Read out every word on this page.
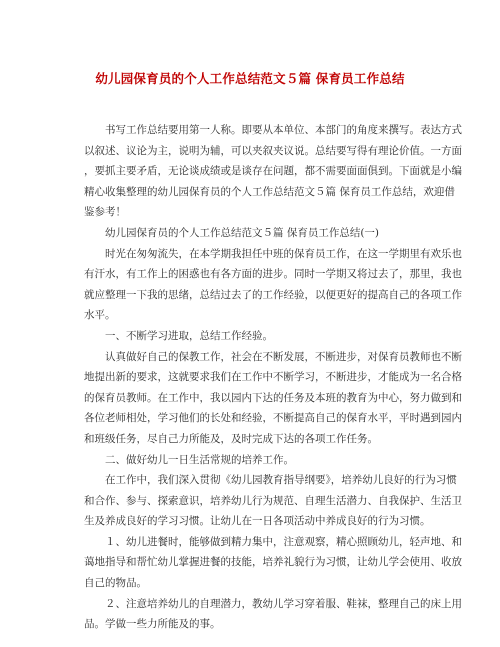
幼儿园保育员的个人工作总结范文５篇 保育员工作总结
书写工作总结要用第一人称。即要从本单位、本部门的角度来撰写。表达方式
以叙述、议论为主，说明为辅，可以夹叙夹议说。总结要写得有理论价值。一方面
，要抓主要矛盾，无论谈成绩或是谈存在问题，都不需要面面俱到。下面就是小编
精心收集整理的幼儿园保育员的个人工作总结范文５篇 保育员工作总结，欢迎借
鉴参考！
幼儿园保育员的个人工作总结范文５篇 保育员工作总结(一)
时光在匆匆流失，在本学期我担任中班的保育员工作，在这一学期里有欢乐也
有汗水，有工作上的困惑也有各方面的进步。同时一学期又将过去了，那里，我也
就应整理一下我的思绪，总结过去了的工作经验，以便更好的提高自己的各项工作
水平。
一、不断学习进取，总结工作经验。
认真做好自己的保教工作，社会在不断发展，不断进步，对保育员教师也不断
地提出新的要求，这就要求我们在工作中不断学习，不断进步，才能成为一名合格
的保育员教师。在工作中，我以园内下达的任务及本班的教育为中心，努力做到和
各位老师相处，学习他们的长处和经验，不断提高自己的保育水平，平时遇到园内
和班级任务，尽自己力所能及，及时完成下达的各项工作任务。
二、做好幼儿一日生活常规的培养工作。
在工作中，我们深入贯彻《幼儿园教育指导纲要》，培养幼儿良好的行为习惯
和合作、参与、探索意识，培养幼儿行为规范、自理生活潜力、自我保护、生活卫
生及养成良好的学习习惯。让幼儿在一日各项活动中养成良好的行为习惯。
１、幼儿进餐时，能够做到精力集中，注意观察，精心照顾幼儿，轻声地、和
蔼地指导和帮忙幼儿掌握进餐的技能，培养礼貌行为习惯，让幼儿学会使用、收放
自己的物品。
２、注意培养幼儿的自理潜力，教幼儿学习穿着服、鞋袜，整理自己的床上用
品。学做一些力所能及的事。
